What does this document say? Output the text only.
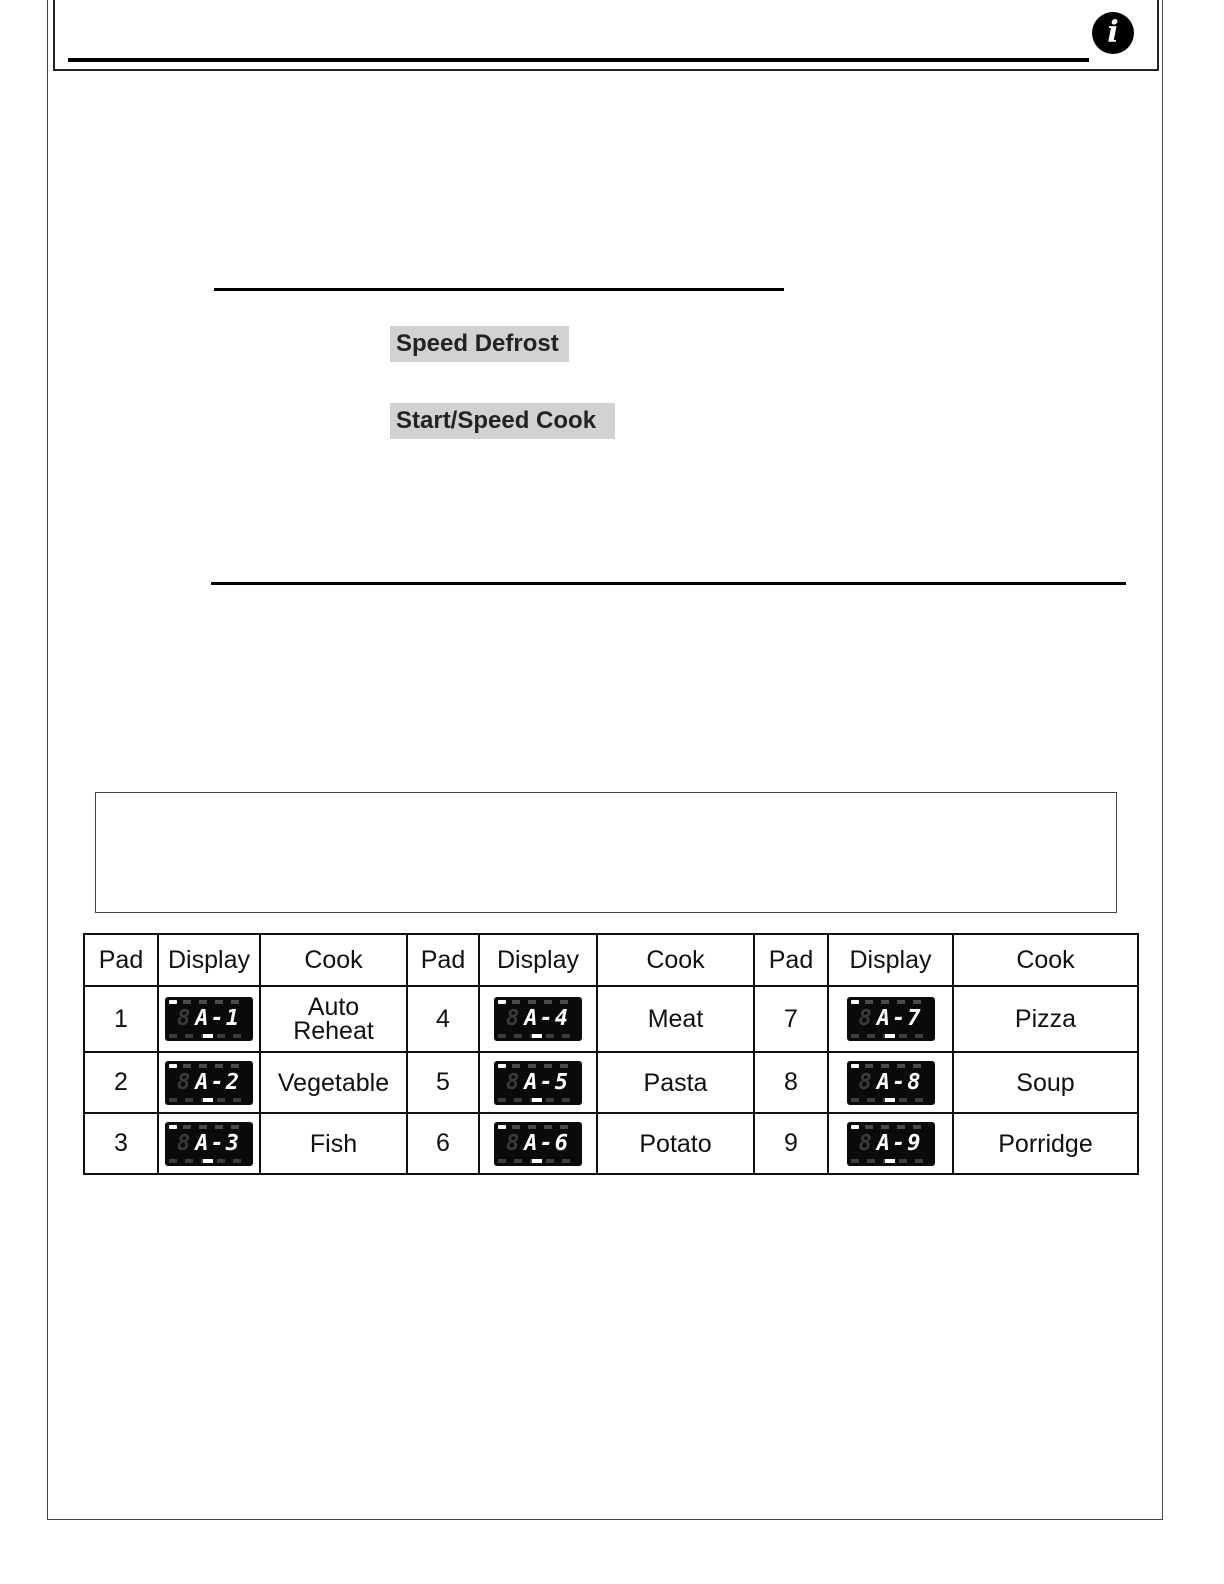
i
Speed Defrost
Start/Speed Cook
Pad	Display	Cook	Pad	Display	Cook	Pad	Display	Cook
1	8 A-1	Auto Reheat	4	8 A-4	Meat	7	8 A-7	Pizza
2	8 A-2	Vegetable	5	8 A-5	Pasta	8	8 A-8	Soup
3	8 A-3	Fish	6	8 A-6	Potato	9	8 A-9	Porridge
